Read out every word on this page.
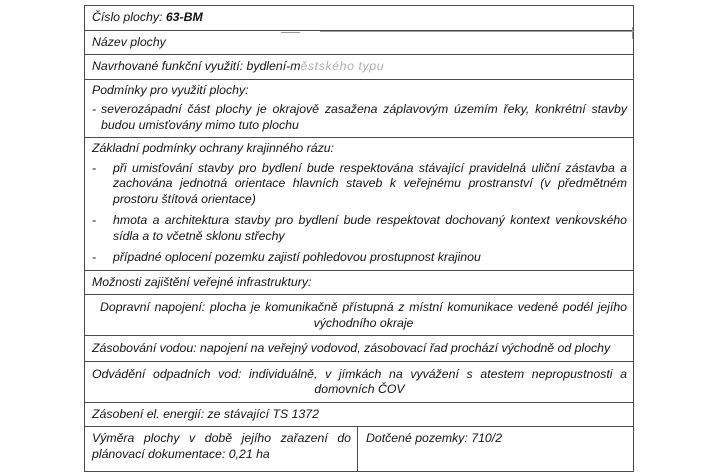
Číslo plochy: 63-BM
Název plochy
Navrhované funkční využití: bydlení-městského typu
Podmínky pro využití plochy:
- severozápadní část plochy je okrajově zasažena záplavovým územím řeky, konkrétní stavby budou umisťovány mimo tuto plochu
Základní podmínky ochrany krajinného rázu:
-	při umisťování stavby pro bydlení bude respektována stávající pravidelná uliční zástavba a zachována jednotná orientace hlavních staveb k veřejnému prostranství (v předmětném prostoru štítová orientace)
-	hmota a architektura stavby pro bydlení bude respektovat dochovaný kontext venkovského sídla a to včetně sklonu střechy
-	případné oplocení pozemku zajistí pohledovou prostupnost krajinou
Možnosti zajištění veřejné infrastruktury:

Dopravní napojení: plocha je komunikačně přístupná z místní komunikace vedené podél jejího východního okraje

Zásobování vodou: napojení na veřejný vodovod, zásobovací řad prochází východně od plochy

Odvádění odpadních vod: individuálně, v jímkách na vyvážení s atestem nepropustnosti a domovních ČOV

Zásobení el. energií: ze stávající TS 1372
Výměra plochy v době jejího zařazení do plánovací dokumentace: 0,21 ha
Dotčené pozemky: 710/2
